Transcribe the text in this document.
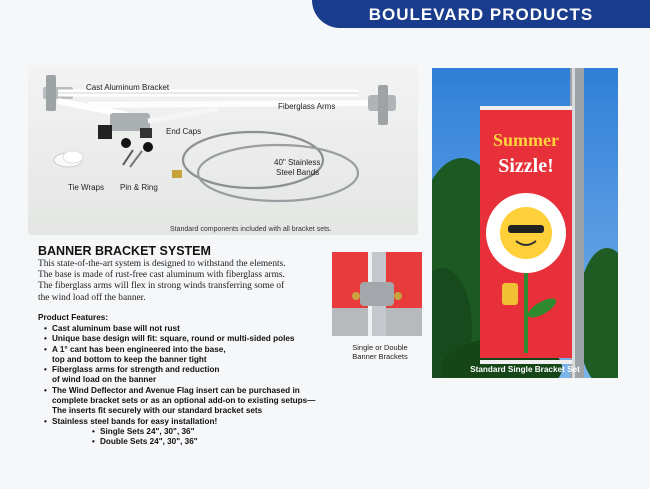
BOULEVARD PRODUCTS
Cast Aluminum Bracket
Fiberglass Arms
End Caps
40" Stainless
Steel Bands
Tie Wraps Pin & Ring
Standard components included with all bracket sets.
BANNER BRACKET SYSTEM
This state-of-the-art system is designed to withstand the elements.
The base is made of rust-free cast aluminum with fiberglass arms.
The fiberglass arms will flex in strong winds transferring some of
the wind load off the banner.
Product Features:
• Cast aluminum base will not rust
• Unique base design will fit: square, round or multi-sided poles
• A 1° cant has been engineered into the base,
top and bottom to keep the banner tight
• Fiberglass arms for strength and reduction
of wind load on the banner
• The Wind Deflector and Avenue Flag insert can be purchased in
complete bracket sets or as an optional add-on to existing setups—
The inserts fit securely with our standard bracket sets
• Stainless steel bands for easy installation!
• Single Sets 24", 30", 36"
• Double Sets 24", 30", 36"
Single or Double
Banner Brackets
Summer
Sizzle!
Standard Single Bracket Set
